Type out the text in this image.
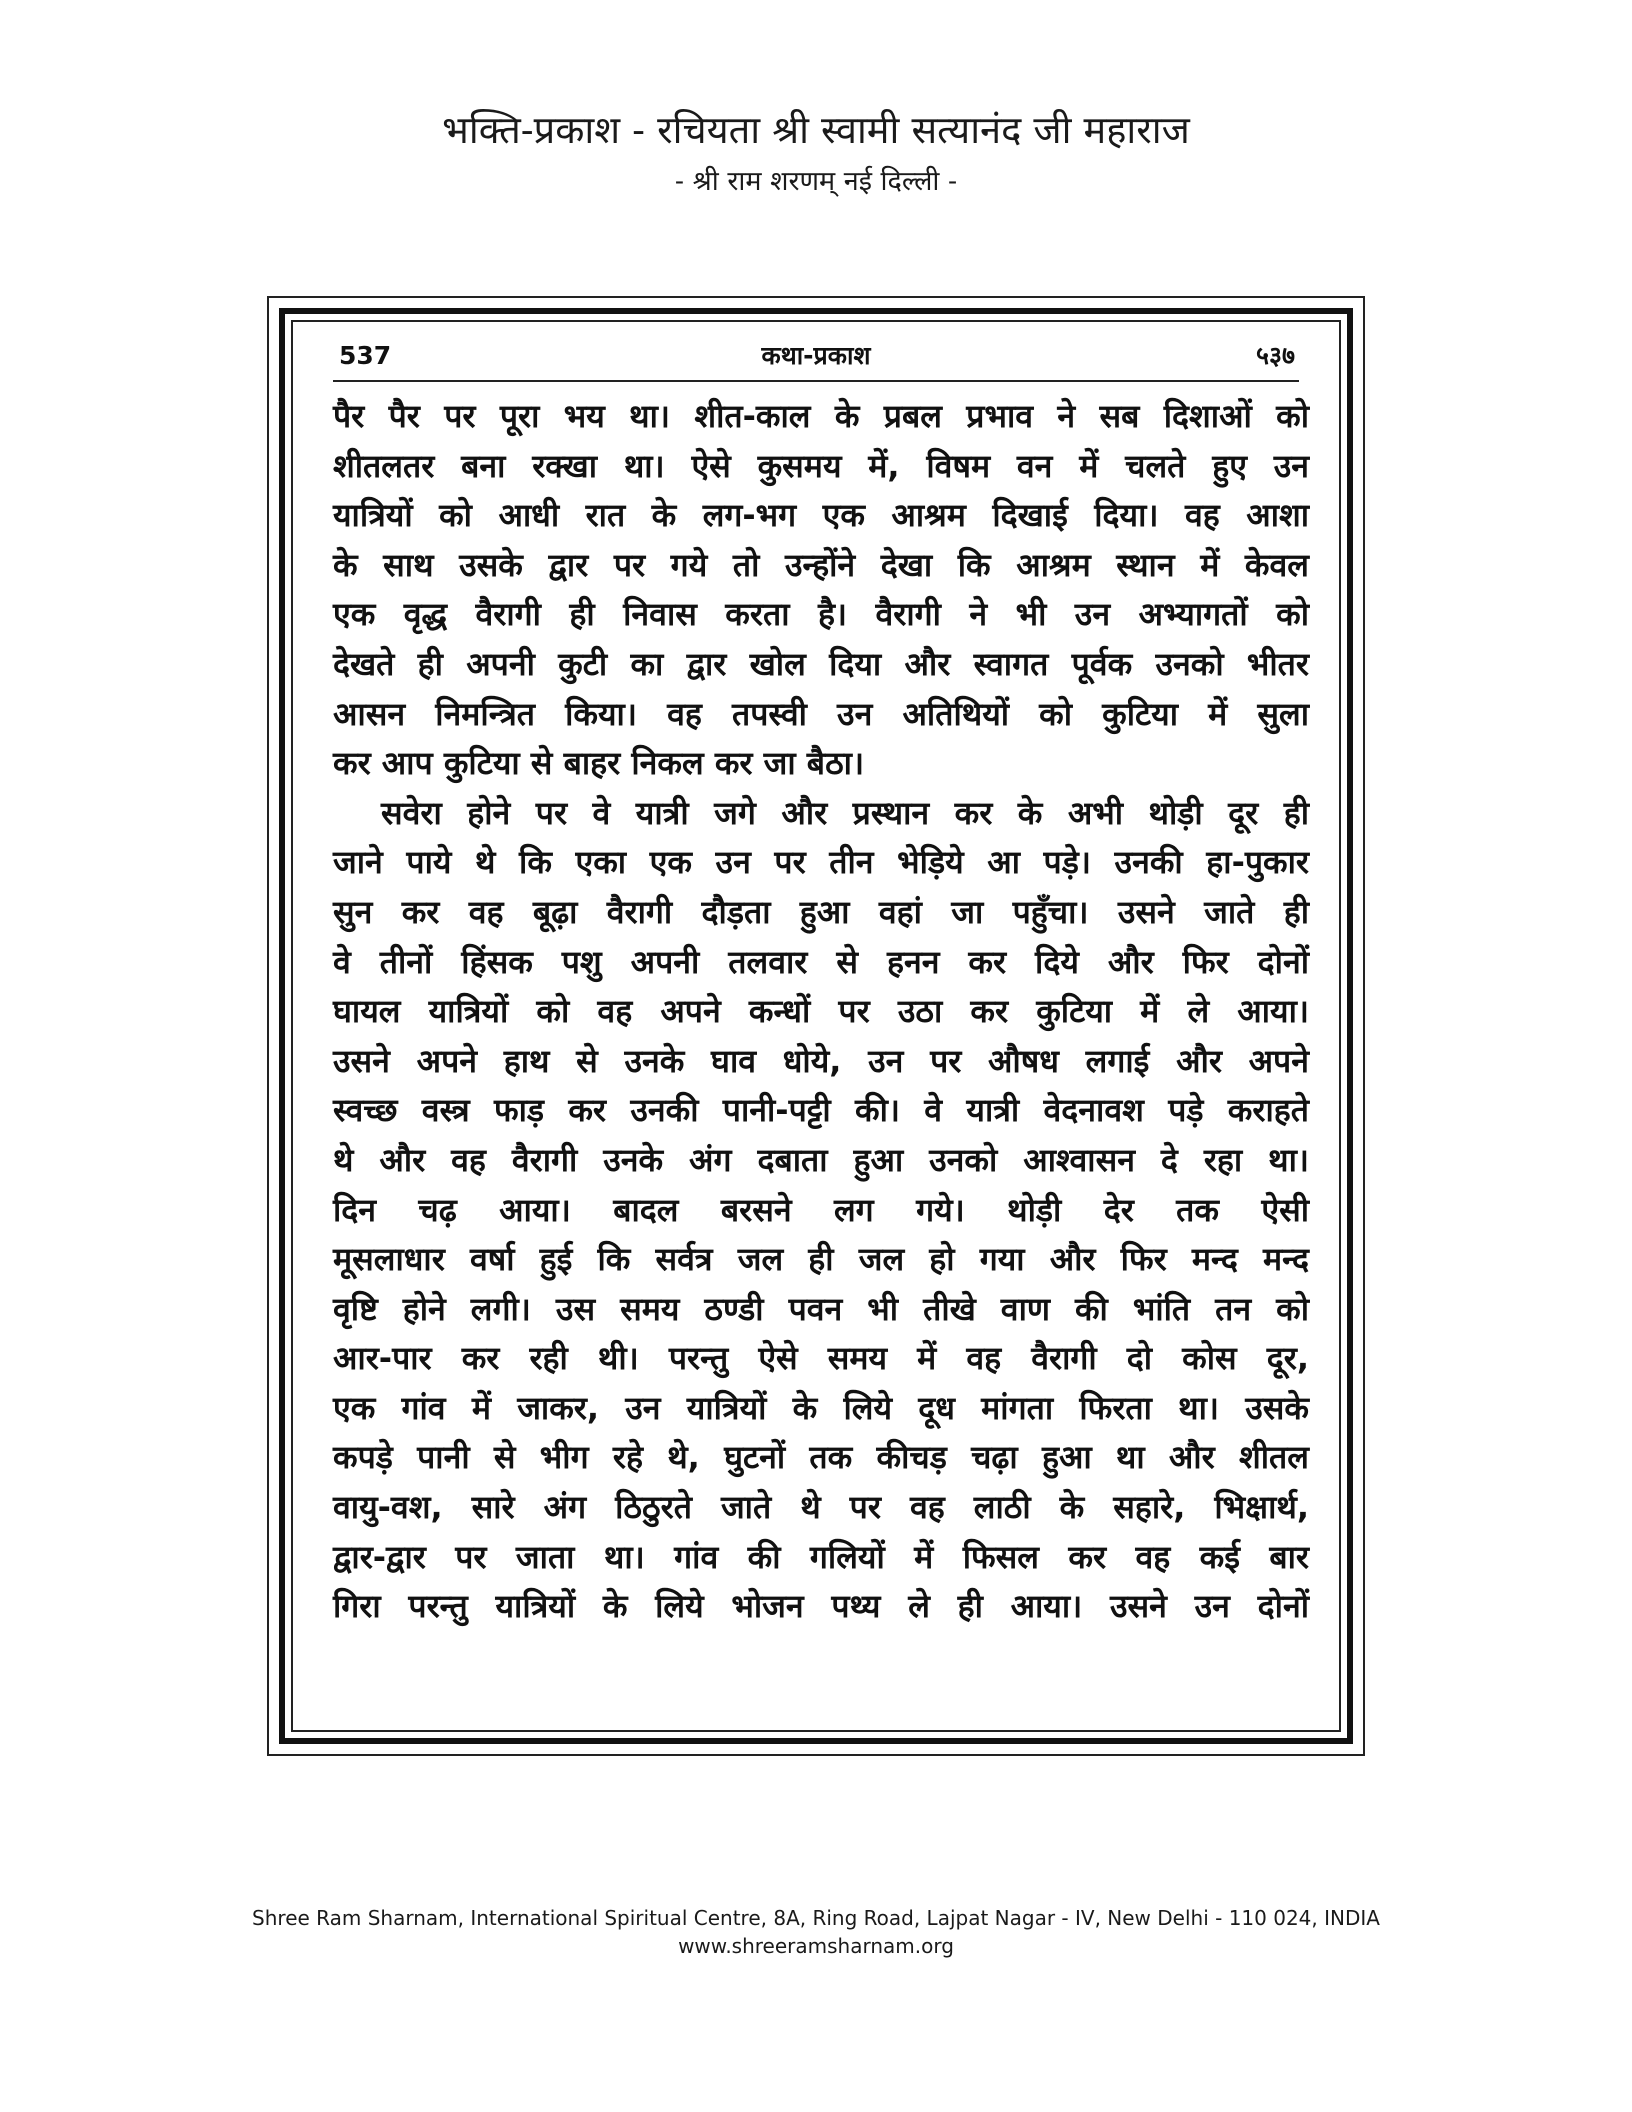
भक्ति-प्रकाश - रचियता श्री स्वामी सत्यानंद जी महाराज
- श्री राम शरणम् नई दिल्ली -
537	कथा-प्रकाश	५३७
पैर पैर पर पूरा भय था। शीत-काल के प्रबल प्रभाव ने सब दिशाओं को
शीतलतर बना रक्खा था। ऐसे कुसमय में, विषम वन में चलते हुए उन
यात्रियों को आधी रात के लग-भग एक आश्रम दिखाई दिया। वह आशा
के साथ उसके द्वार पर गये तो उन्होंने देखा कि आश्रम स्थान में केवल
एक वृद्ध वैरागी ही निवास करता है। वैरागी ने भी उन अभ्यागतों को
देखते ही अपनी कुटी का द्वार खोल दिया और स्वागत पूर्वक उनको भीतर
आसन निमन्त्रित किया। वह तपस्वी उन अतिथियों को कुटिया में सुला
कर आप कुटिया से बाहर निकल कर जा बैठा।
सवेरा होने पर वे यात्री जगे और प्रस्थान कर के अभी थोड़ी दूर ही
जाने पाये थे कि एका एक उन पर तीन भेड़िये आ पड़े। उनकी हा-पुकार
सुन कर वह बूढ़ा वैरागी दौड़ता हुआ वहां जा पहुँचा। उसने जाते ही
वे तीनों हिंसक पशु अपनी तलवार से हनन कर दिये और फिर दोनों
घायल यात्रियों को वह अपने कन्धों पर उठा कर कुटिया में ले आया।
उसने अपने हाथ से उनके घाव धोये, उन पर औषध लगाई और अपने
स्वच्छ वस्त्र फाड़ कर उनकी पानी-पट्टी की। वे यात्री वेदनावश पड़े कराहते
थे और वह वैरागी उनके अंग दबाता हुआ उनको आश्वासन दे रहा था।
दिन चढ़ आया। बादल बरसने लग गये। थोड़ी देर तक ऐसी
मूसलाधार वर्षा हुई कि सर्वत्र जल ही जल हो गया और फिर मन्द मन्द
वृष्टि होने लगी। उस समय ठण्डी पवन भी तीखे वाण की भांति तन को
आर-पार कर रही थी। परन्तु ऐसे समय में वह वैरागी दो कोस दूर,
एक गांव में जाकर, उन यात्रियों के लिये दूध मांगता फिरता था। उसके
कपड़े पानी से भीग रहे थे, घुटनों तक कीचड़ चढ़ा हुआ था और शीतल
वायु-वश, सारे अंग ठिठुरते जाते थे पर वह लाठी के सहारे, भिक्षार्थ,
द्वार-द्वार पर जाता था। गांव की गलियों में फिसल कर वह कई बार
गिरा परन्तु यात्रियों के लिये भोजन पथ्य ले ही आया। उसने उन दोनों
Shree Ram Sharnam, International Spiritual Centre, 8A, Ring Road, Lajpat Nagar - IV, New Delhi - 110 024, INDIA
www.shreeramsharnam.org
